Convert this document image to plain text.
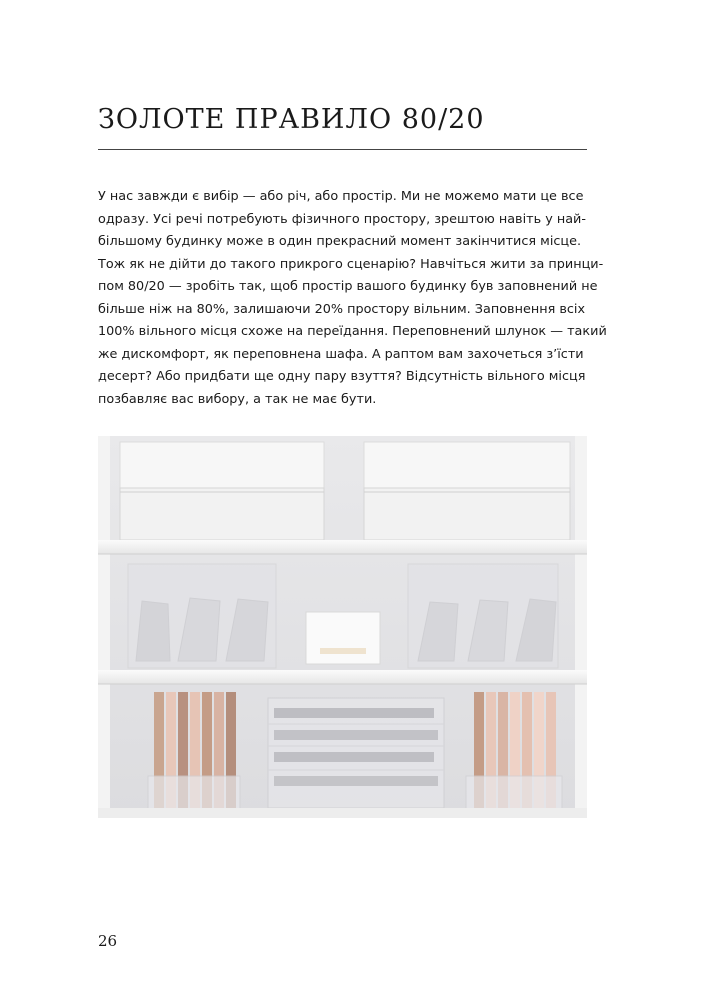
ЗОЛОТЕ ПРАВИЛО 80/20
У нас завжди є вибір — або річ, або простір. Ми не можемо мати це все
одразу. Усі речі потребують фізичного простору, зрештою навіть у най-
більшому будинку може в один прекрасний момент закінчитися місце.
Тож як не дійти до такого прикрого сценарію? Навчіться жити за принци-
пом 80/20 — зробіть так, щоб простір вашого будинку був заповнений не
більше ніж на 80%, залишаючи 20% простору вільним. Заповнення всіх
100% вільного місця схоже на переїдання. Переповнений шлунок — такий
же дискомфорт, як переповнена шафа. А раптом вам захочеться з’їсти
десерт? Або придбати ще одну пару взуття? Відсутність вільного місця
позбавляє вас вибору, а так не має бути.
26
